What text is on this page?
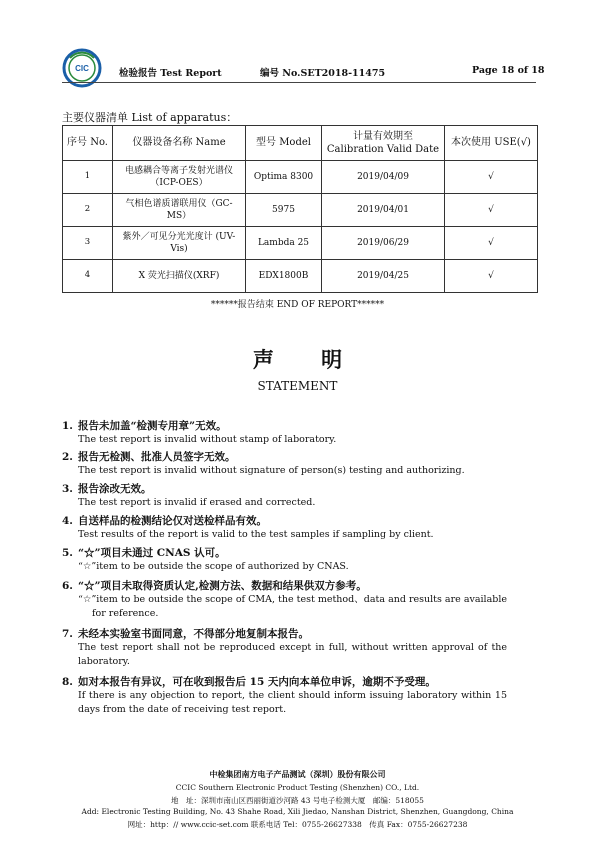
CIC	检验报告 Test Report	编号 No.SET2018-11475	Page 18 of 18
主要仪器清单 List of apparatus：
序号 No.	仪器设备名称 Name	型号 Model	计量有效期至 Calibration Valid Date	本次使用 USE(√)
1	电感耦合等离子发射光谱仪（ICP-OES）	Optima 8300	2019/04/09	√
2	气相色谱质谱联用仪（GC-MS）	5975	2019/04/01	√
3	紫外／可见分光光度计 (UV-Vis)	Lambda 25	2019/06/29	√
4	X 荧光扫描仪(XRF)	EDX1800B	2019/04/25	√
******报告结束 END OF REPORT******
声 明
STATEMENT
1. 报告未加盖“检测专用章”无效。
The test report is invalid without stamp of laboratory.
2. 报告无检测、批准人员签字无效。
The test report is invalid without signature of person(s) testing and authorizing.
3. 报告涂改无效。
The test report is invalid if erased and corrected.
4. 自送样品的检测结论仅对送检样品有效。
Test results of the report is valid to the test samples if sampling by client.
5. “☆”项目未通过 CNAS 认可。
“☆”item to be outside the scope of authorized by CNAS.
6. “☆”项目未取得资质认定,检测方法、数据和结果供双方参考。
“☆”item to be outside the scope of CMA, the test method、data and results are available for reference.
7. 未经本实验室书面同意，不得部分地复制本报告。
The test report shall not be reproduced except in full, without written approval of the laboratory.
8. 如对本报告有异议，可在收到报告后 15 天内向本单位申诉，逾期不予受理。
If there is any objection to report, the client should inform issuing laboratory within 15 days from the date of receiving test report.
中检集团南方电子产品测试（深圳）股份有限公司
CCIC Southern Electronic Product Testing (Shenzhen) CO., Ltd.
地　址：深圳市南山区西丽街道沙河路 43 号电子检测大厦　邮编：518055
Add: Electronic Testing Building, No. 43 Shahe Road, Xili Jiedao, Nanshan District, Shenzhen, Guangdong, China
网址：http：// www.ccic-set.com 联系电话 Tel：0755-26627338　传真 Fax：0755-26627238
